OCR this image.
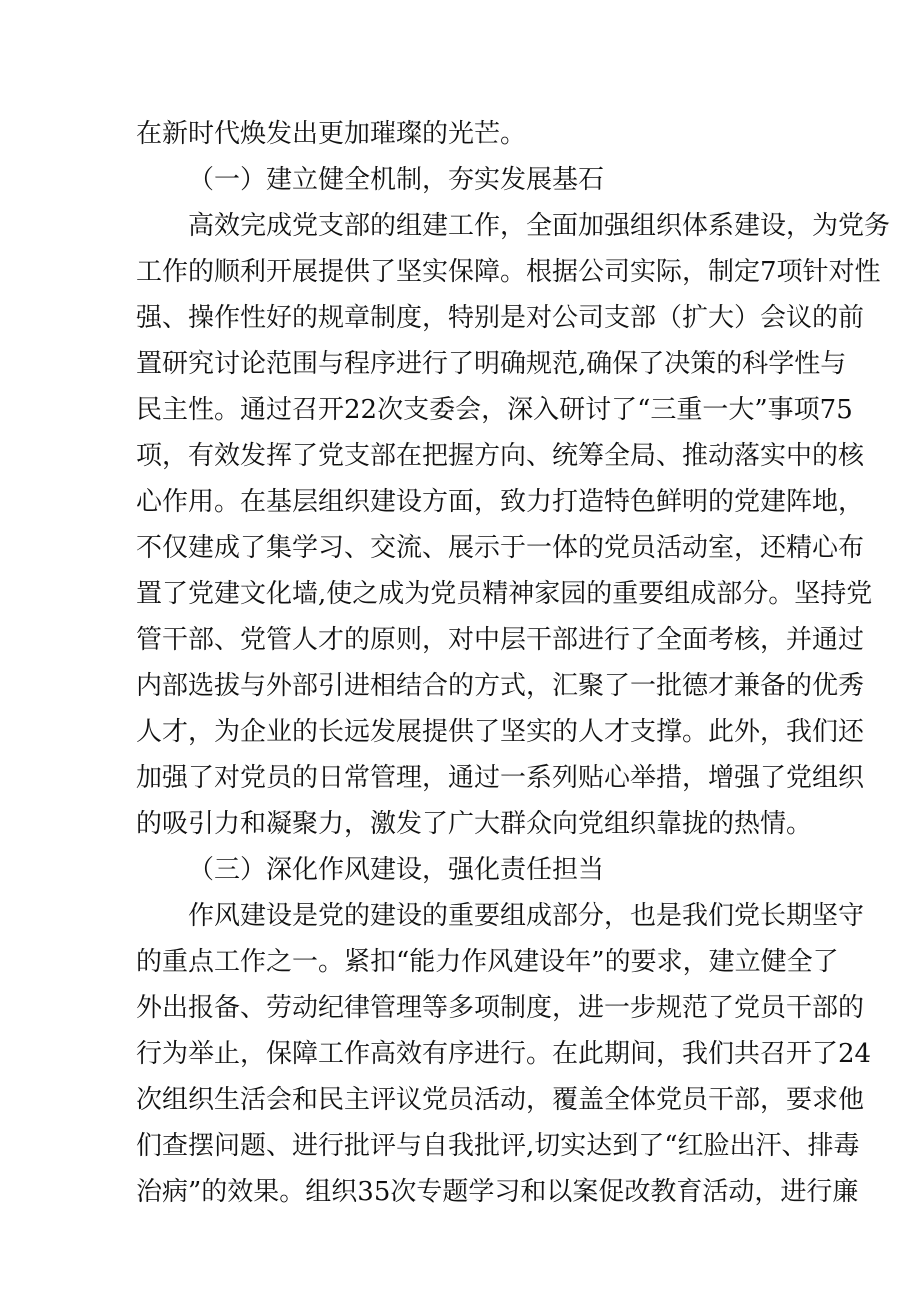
在新时代焕发出更加璀璨的光芒。
（一）建立健全机制，夯实发展基石
高效完成党支部的组建工作，全面加强组织体系建设，为党务
工作的顺利开展提供了坚实保障。根据公司实际，制定7项针对性
强、操作性好的规章制度，特别是对公司支部（扩大）会议的前
置研究讨论范围与程序进行了明确规范,确保了决策的科学性与
民主性。通过召开22次支委会，深入研讨了“三重一大”事项75
项，有效发挥了党支部在把握方向、统筹全局、推动落实中的核
心作用。在基层组织建设方面，致力打造特色鲜明的党建阵地，
不仅建成了集学习、交流、展示于一体的党员活动室，还精心布
置了党建文化墙,使之成为党员精神家园的重要组成部分。坚持党
管干部、党管人才的原则，对中层干部进行了全面考核，并通过
内部选拔与外部引进相结合的方式，汇聚了一批德才兼备的优秀
人才，为企业的长远发展提供了坚实的人才支撑。此外，我们还
加强了对党员的日常管理，通过一系列贴心举措，增强了党组织
的吸引力和凝聚力，激发了广大群众向党组织靠拢的热情。
（三）深化作风建设，强化责任担当
作风建设是党的建设的重要组成部分，也是我们党长期坚守
的重点工作之一。紧扣“能力作风建设年”的要求，建立健全了
外出报备、劳动纪律管理等多项制度，进一步规范了党员干部的
行为举止，保障工作高效有序进行。在此期间，我们共召开了24
次组织生活会和民主评议党员活动，覆盖全体党员干部，要求他
们查摆问题、进行批评与自我批评,切实达到了“红脸出汗、排毒
治病”的效果。组织35次专题学习和以案促改教育活动，进行廉
